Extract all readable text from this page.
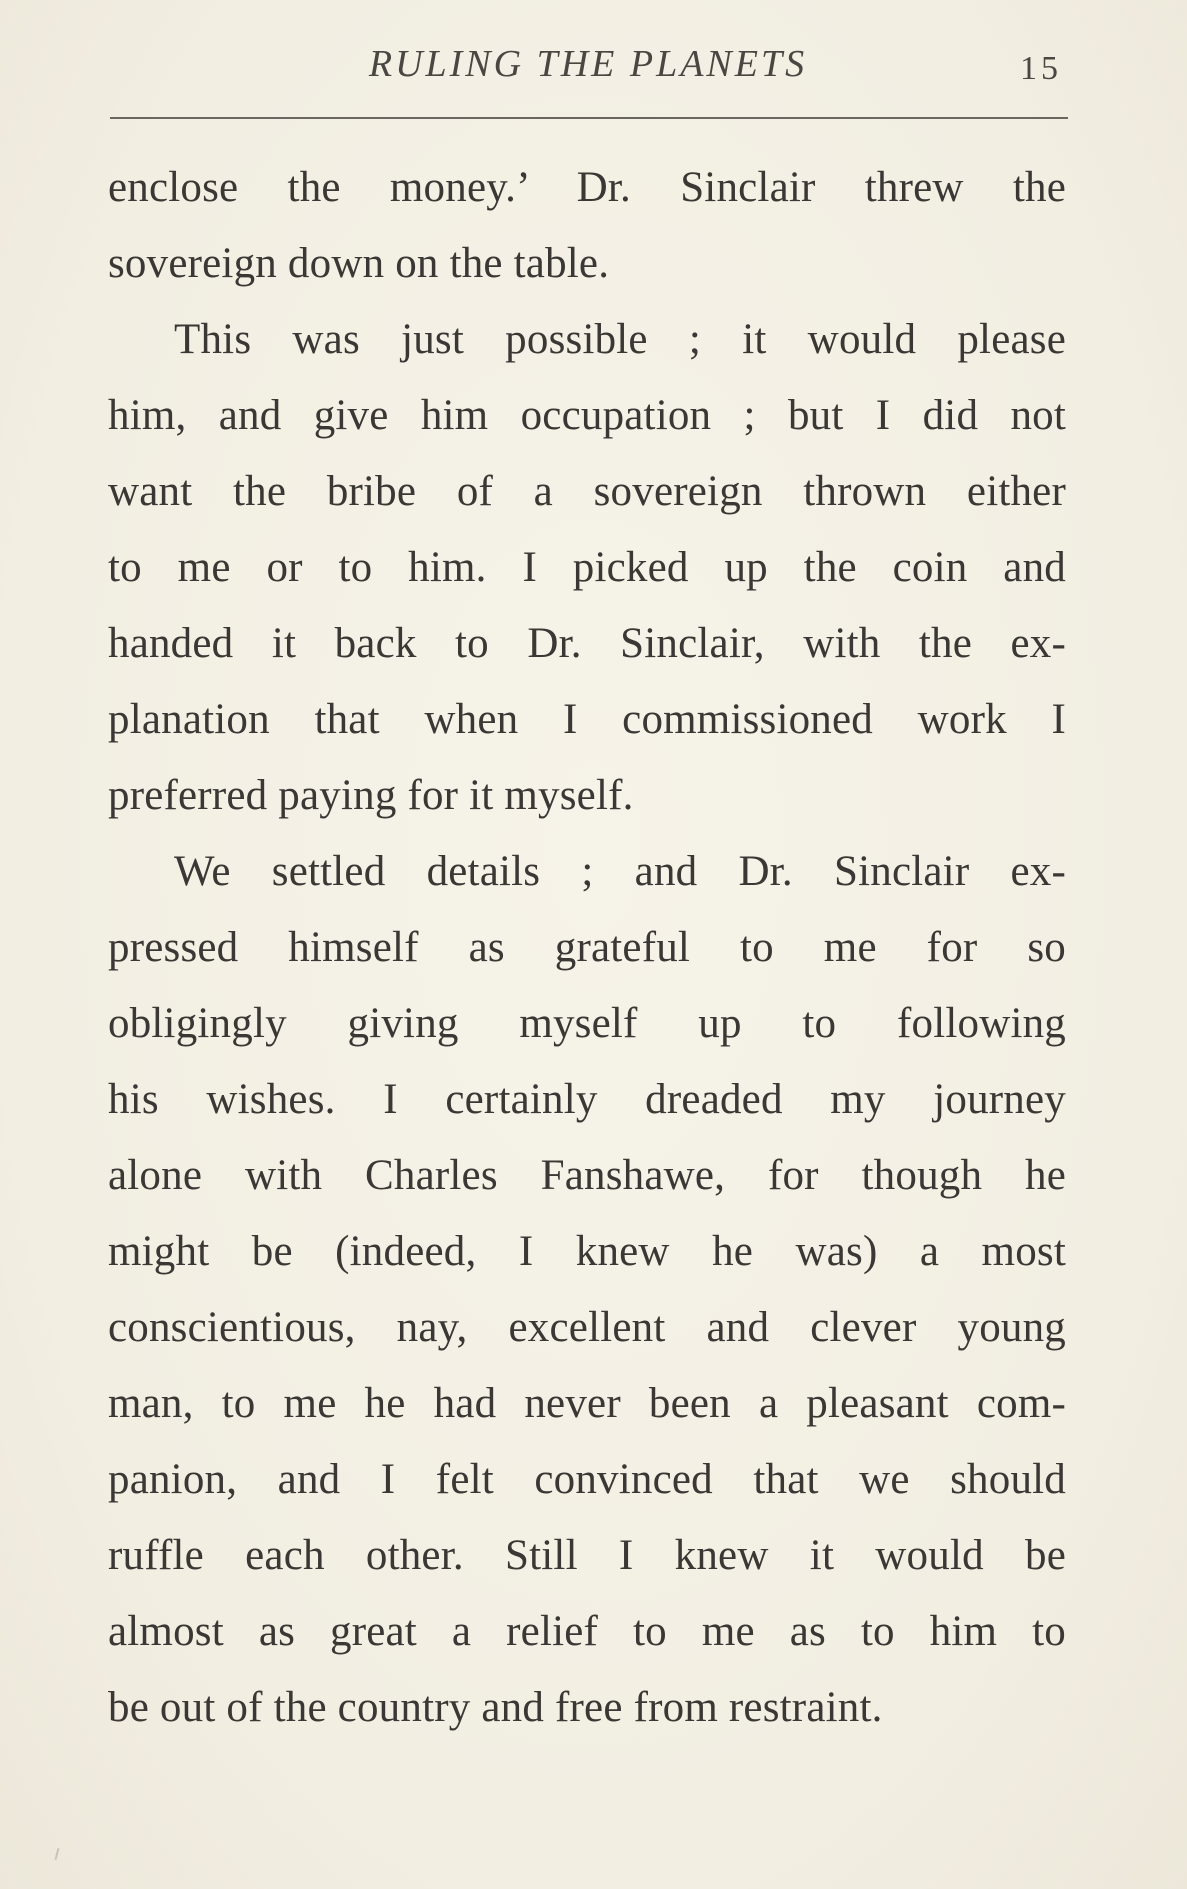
RULING THE PLANETS	15
enclose the money.’ Dr. Sinclair threw the
sovereign down on the table.
This was just possible ; it would please
him, and give him occupation ; but I did not
want the bribe of a sovereign thrown either
to me or to him. I picked up the coin and
handed it back to Dr. Sinclair, with the ex-
planation that when I commissioned work I
preferred paying for it myself.
We settled details ; and Dr. Sinclair ex-
pressed himself as grateful to me for so
obligingly giving myself up to following
his wishes. I certainly dreaded my journey
alone with Charles Fanshawe, for though he
might be (indeed, I knew he was) a most
conscientious, nay, excellent and clever young
man, to me he had never been a pleasant com-
panion, and I felt convinced that we should
ruffle each other. Still I knew it would be
almost as great a relief to me as to him to
be out of the country and free from restraint.
